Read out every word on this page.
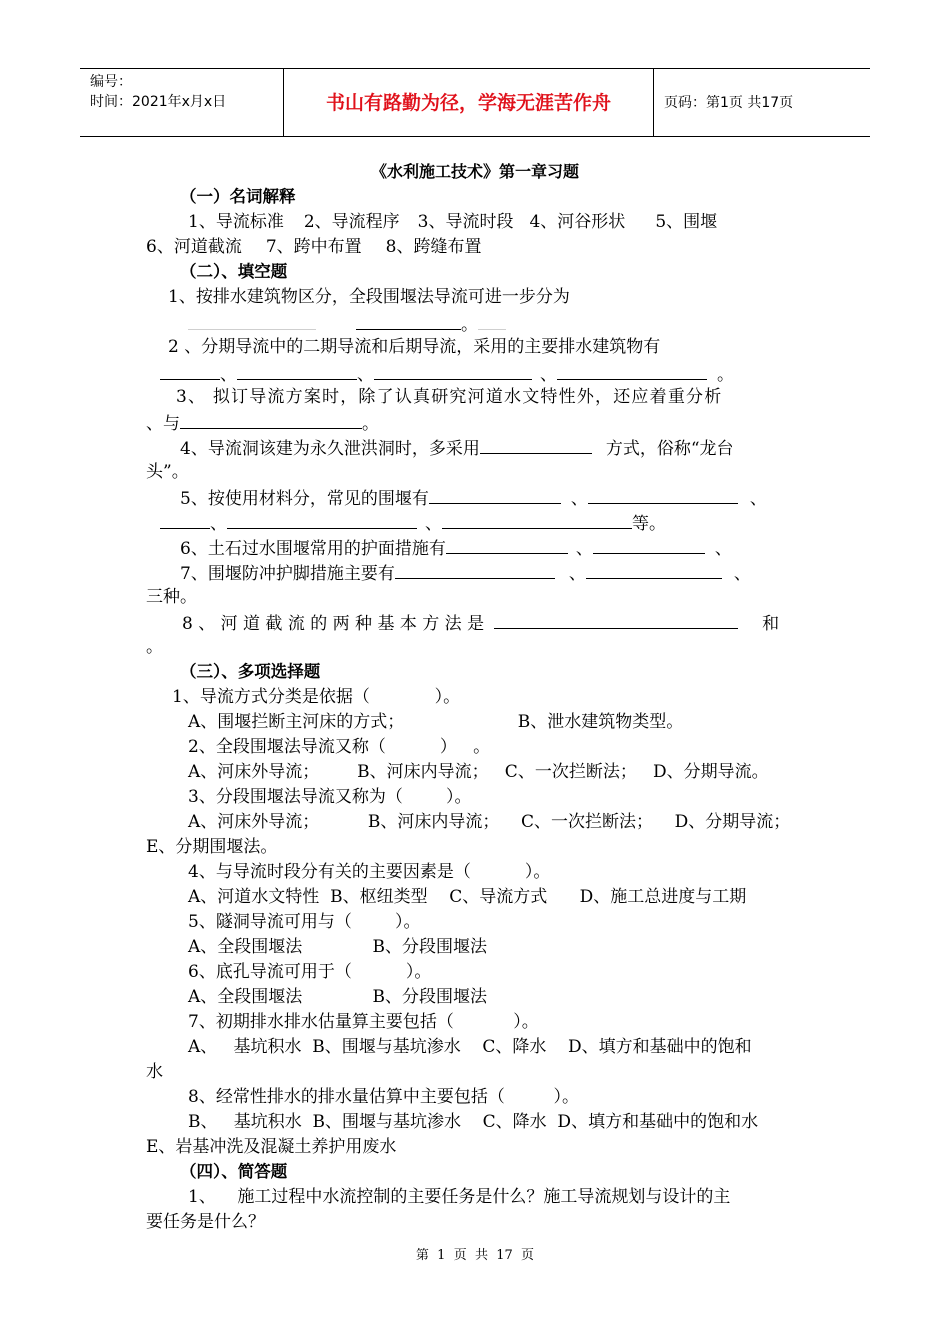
编号：
时间：2021年x月x日	书山有路勤为径，学海无涯苦作舟	页码：第1页 共17页
《水利施工技术》第一章习题
（一）名词解释
1、导流标准 2、导流程序 3、导流时段 4、河谷形状 5、围堰
6、河道截流 7、跨中布置 8、跨缝布置
（二）、填空题
1、按排水建筑物区分，全段围堰法导流可进一步分为
。
2 、分期导流中的二期导流和后期导流，采用的主要排水建筑物有
、	、	、	。
3、 拟订导流方案时，除了认真研究河道水文特性外，还应着重分析
、与	。
4、导流洞该建为永久泄洪洞时，多采用	方式，俗称“龙台
头”。
5、按使用材料分，常见的围堰有	、	、
、	、	等。
6、土石过水围堰常用的护面措施有	、	、
7、围堰防冲护脚措施主要有	、	、
三种。
8 、 河 道 截 流 的 两 种 基 本 方 法 是	和
。
（三）、多项选择题
1、导流方式分类是依据（            ）。
A、围堰拦断主河床的方式；                     B、泄水建筑物类型。
2、全段围堰法导流又称（          ）   。
A、河床外导流；       B、河床内导流；   C、一次拦断法；   D、分期导流。
3、分段围堰法导流又称为（        ）。
A、河床外导流；         B、河床内导流；    C、一次拦断法；    D、分期导流；
E、分期围堰法。
4、与导流时段分有关的主要因素是（          ）。
A、河道水文特性  B、枢纽类型    C、导流方式      D、施工总进度与工期
5、隧洞导流可用与（        ）。
A、全段围堰法             B、分段围堰法
6、底孔导流可用于（          ）。
A、全段围堰法             B、分段围堰法
7、初期排水排水估量算主要包括（           ）。
A、   基坑积水  B、围堰与基坑渗水    C、降水    D、填方和基础中的饱和
水
8、经常性排水的排水量估算中主要包括（         ）。
B、   基坑积水  B、围堰与基坑渗水    C、降水  D、填方和基础中的饱和水
E、岩基冲洗及混凝土养护用废水
（四）、简答题
1、    施工过程中水流控制的主要任务是什么？施工导流规划与设计的主
要任务是什么？
第  1  页  共  17  页
